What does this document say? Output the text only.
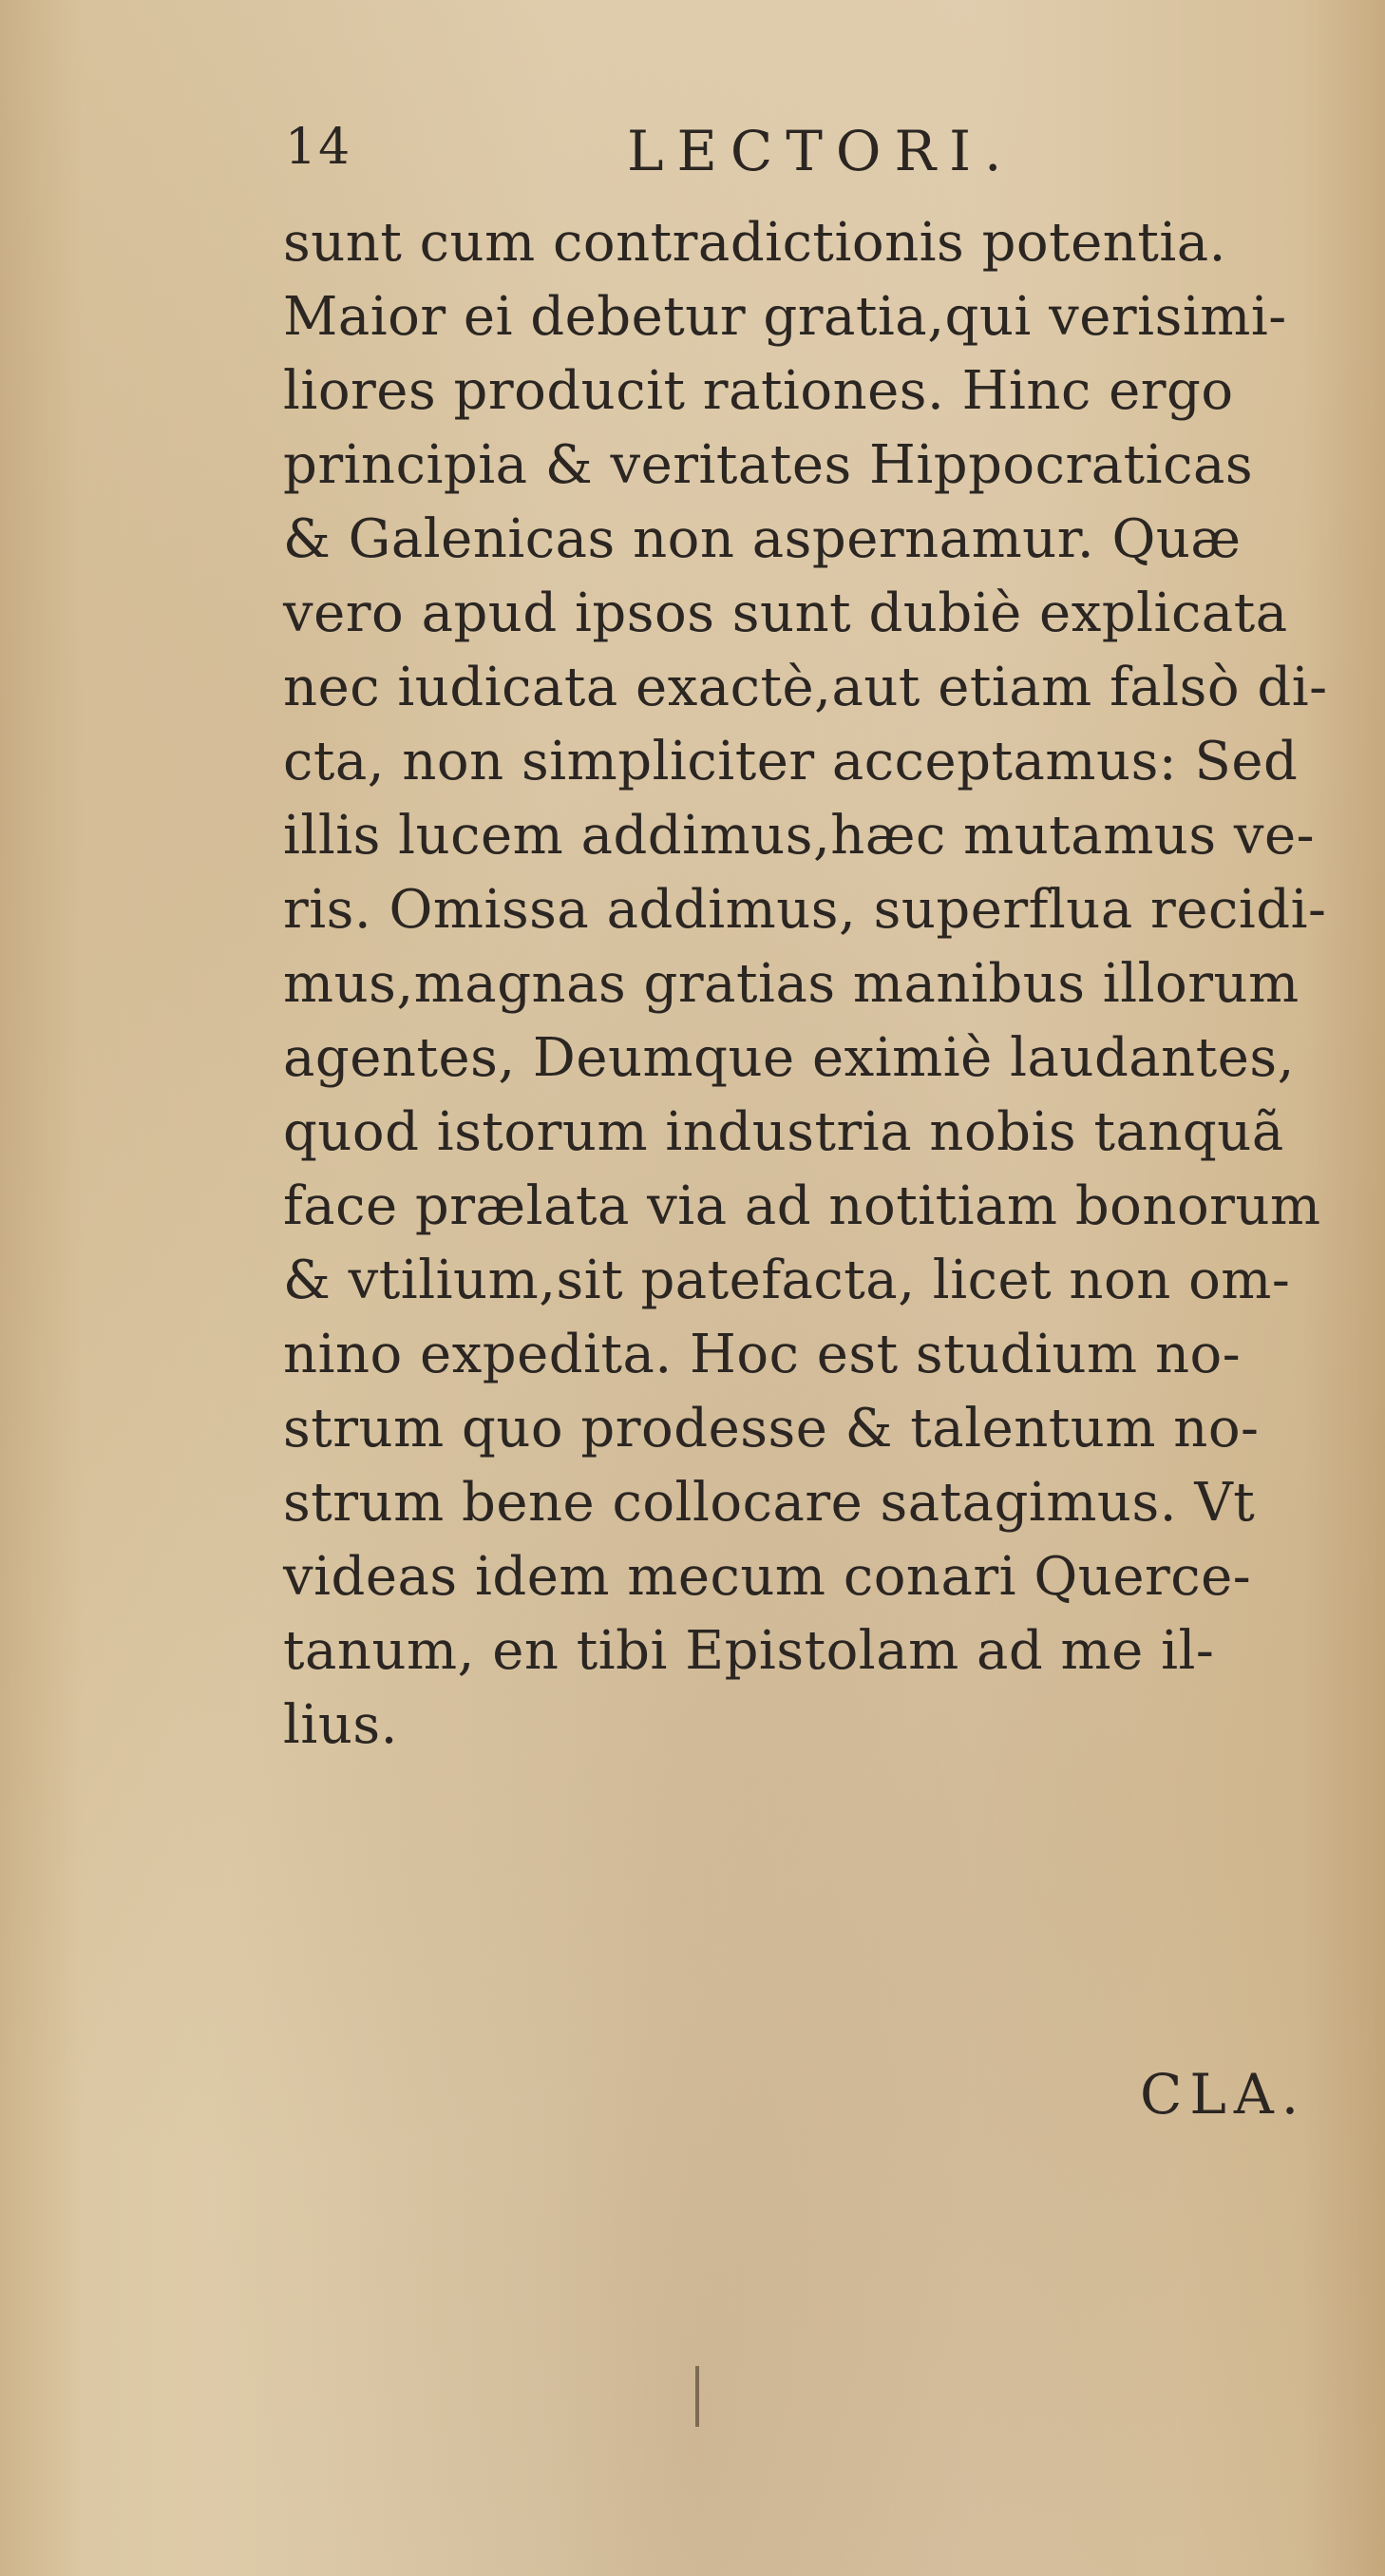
14	LECTORI.
sunt cum contradictionis potentia.
Maior ei debetur gratia,qui verisimi-
liores producit rationes. Hinc ergo
principia & veritates Hippocraticas
& Galenicas non aspernamur. Quæ
vero apud ipsos sunt dubiè explicata
nec iudicata exactè,aut etiam falsò di-
cta, non simpliciter acceptamus: Sed
illis lucem addimus,hæc mutamus ve-
ris. Omissa addimus, superflua recidi-
mus,magnas gratias manibus illorum
agentes, Deumque eximiè laudantes,
quod istorum industria nobis tanquã
face prælata via ad notitiam bonorum
& vtilium,sit patefacta, licet non om-
nino expedita. Hoc est studium no-
strum quo prodesse & talentum no-
strum bene collocare satagimus. Vt
videas idem mecum conari Querce-
tanum, en tibi Epistolam ad me il-
lius.
CLA.
